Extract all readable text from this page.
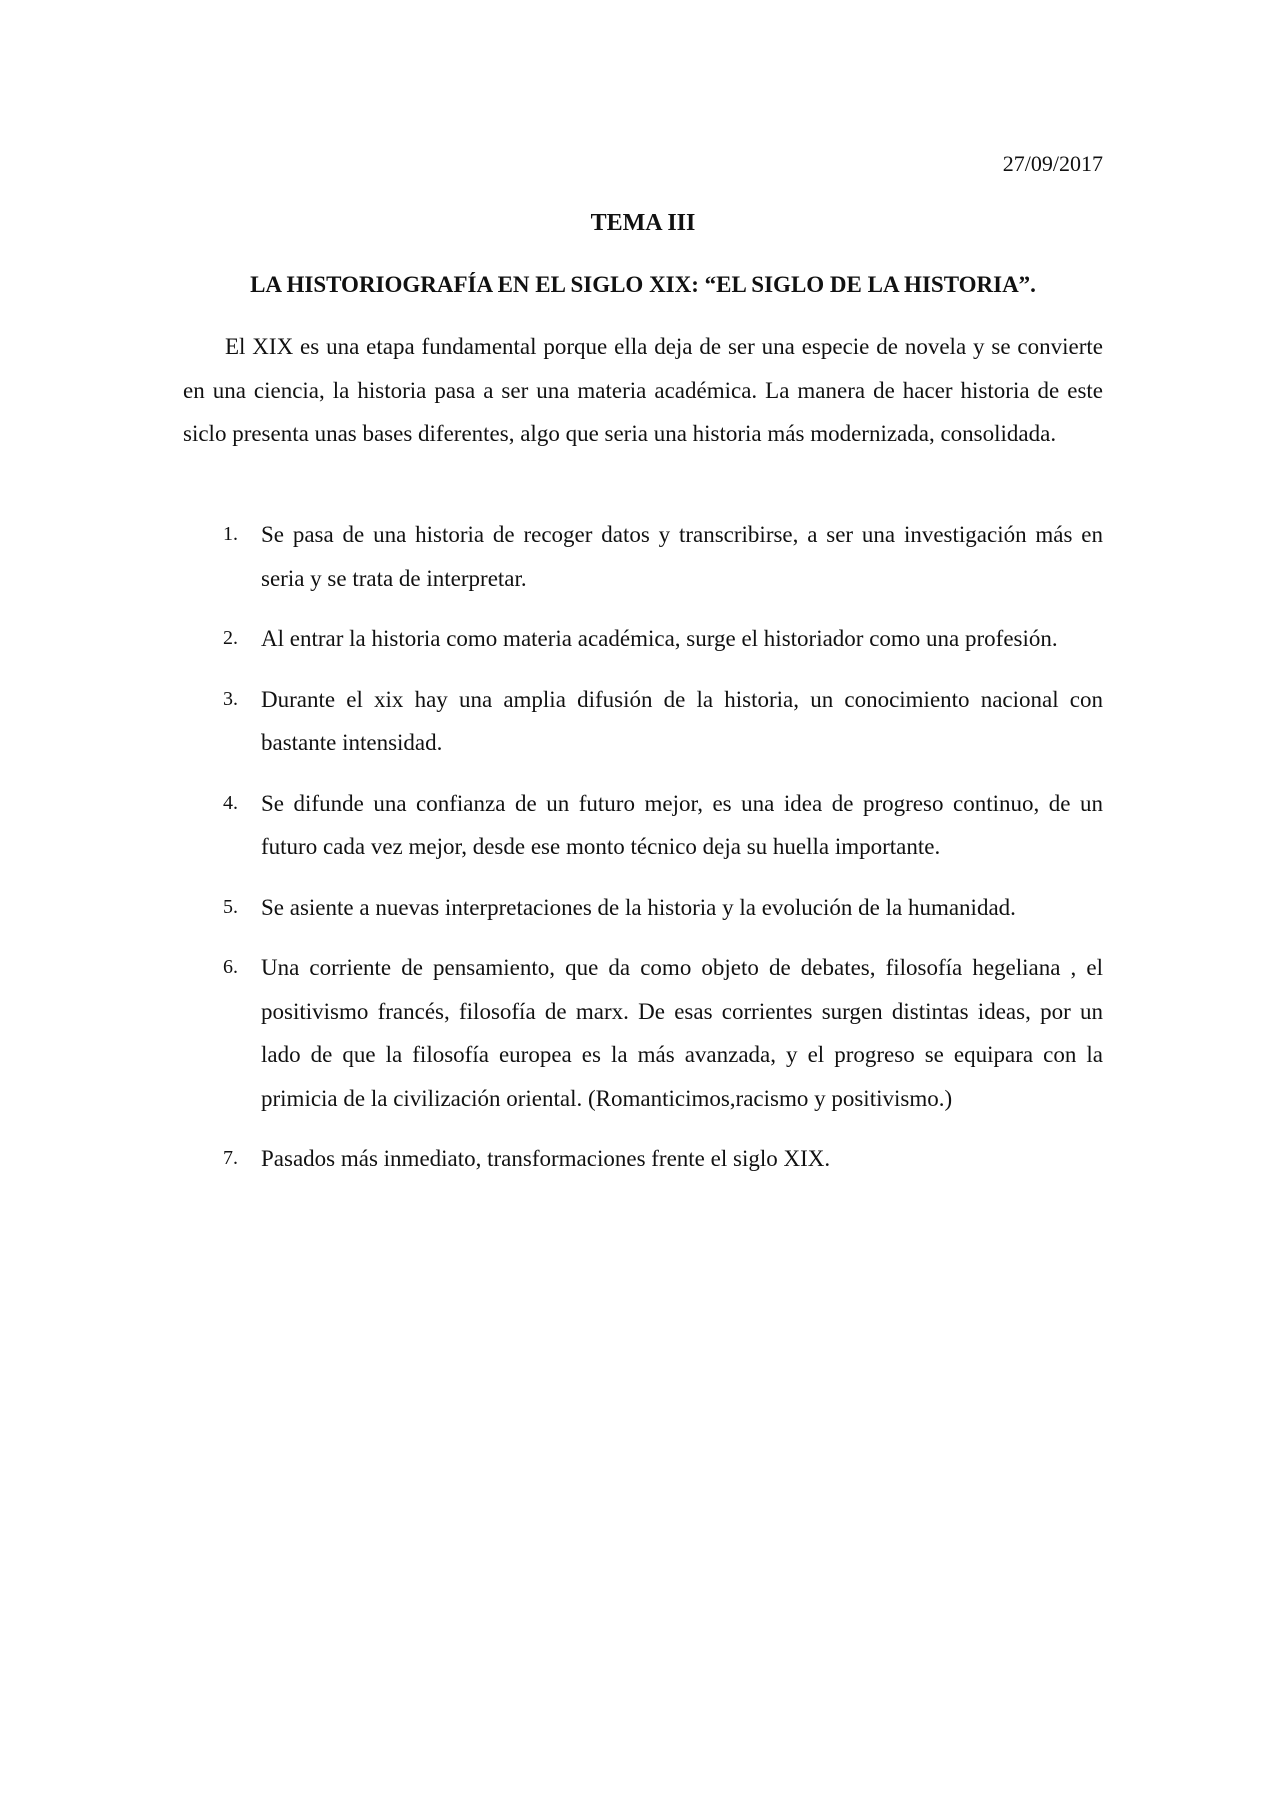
27/09/2017
TEMA III
LA HISTORIOGRAFÍA EN EL SIGLO XIX: “EL SIGLO DE LA HISTORIA”.

El XIX es una etapa fundamental porque ella deja de ser una especie de novela y se convierte en una ciencia, la historia pasa a ser una materia académica. La manera de hacer historia de este siclo presenta unas bases diferentes, algo que seria una historia más modernizada, consolidada.

1. Se pasa de una historia de recoger datos y transcribirse, a ser una investigación más en seria y se trata de interpretar.
2. Al entrar la historia como materia académica, surge el historiador como una profesión.
3. Durante el xix hay una amplia difusión de la historia, un conocimiento nacional con bastante intensidad.
4. Se difunde una confianza de un futuro mejor, es una idea de progreso continuo, de un futuro cada vez mejor, desde ese monto técnico deja su huella importante.
5. Se asiente a nuevas interpretaciones de la historia y la evolución de la humanidad.
6. Una corriente de pensamiento, que da como objeto de debates, filosofía hegeliana , el positivismo francés, filosofía de marx. De esas corrientes surgen distintas ideas, por un lado de que la filosofía europea es la más avanzada, y el progreso se equipara con la primicia de la civilización oriental. (Romanticimos,racismo y positivismo.)
7. Pasados más inmediato, transformaciones frente el siglo XIX.
